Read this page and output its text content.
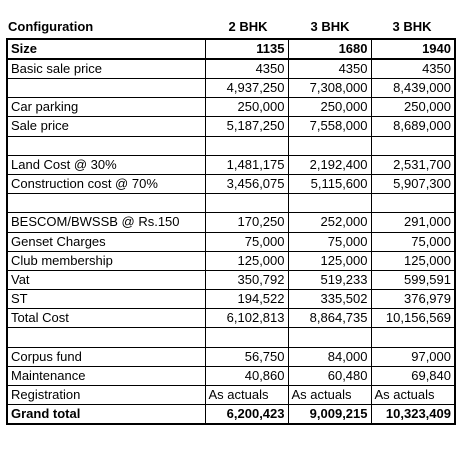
Configuration	2 BHK	3 BHK	3 BHK
Size	1135	1680	1940
Basic sale price	4350	4350	4350
	4,937,250	7,308,000	8,439,000
Car parking	250,000	250,000	250,000
Sale price	5,187,250	7,558,000	8,689,000

Land Cost @ 30%	1,481,175	2,192,400	2,531,700
Construction cost @ 70%	3,456,075	5,115,600	5,907,300

BESCOM/BWSSB @ Rs.150	170,250	252,000	291,000
Genset Charges	75,000	75,000	75,000
Club membership	125,000	125,000	125,000
Vat	350,792	519,233	599,591
ST	194,522	335,502	376,979
Total Cost	6,102,813	8,864,735	10,156,569

Corpus fund	56,750	84,000	97,000
Maintenance	40,860	60,480	69,840
Registration	As actuals	As actuals	As actuals
Grand total	6,200,423	9,009,215	10,323,409
